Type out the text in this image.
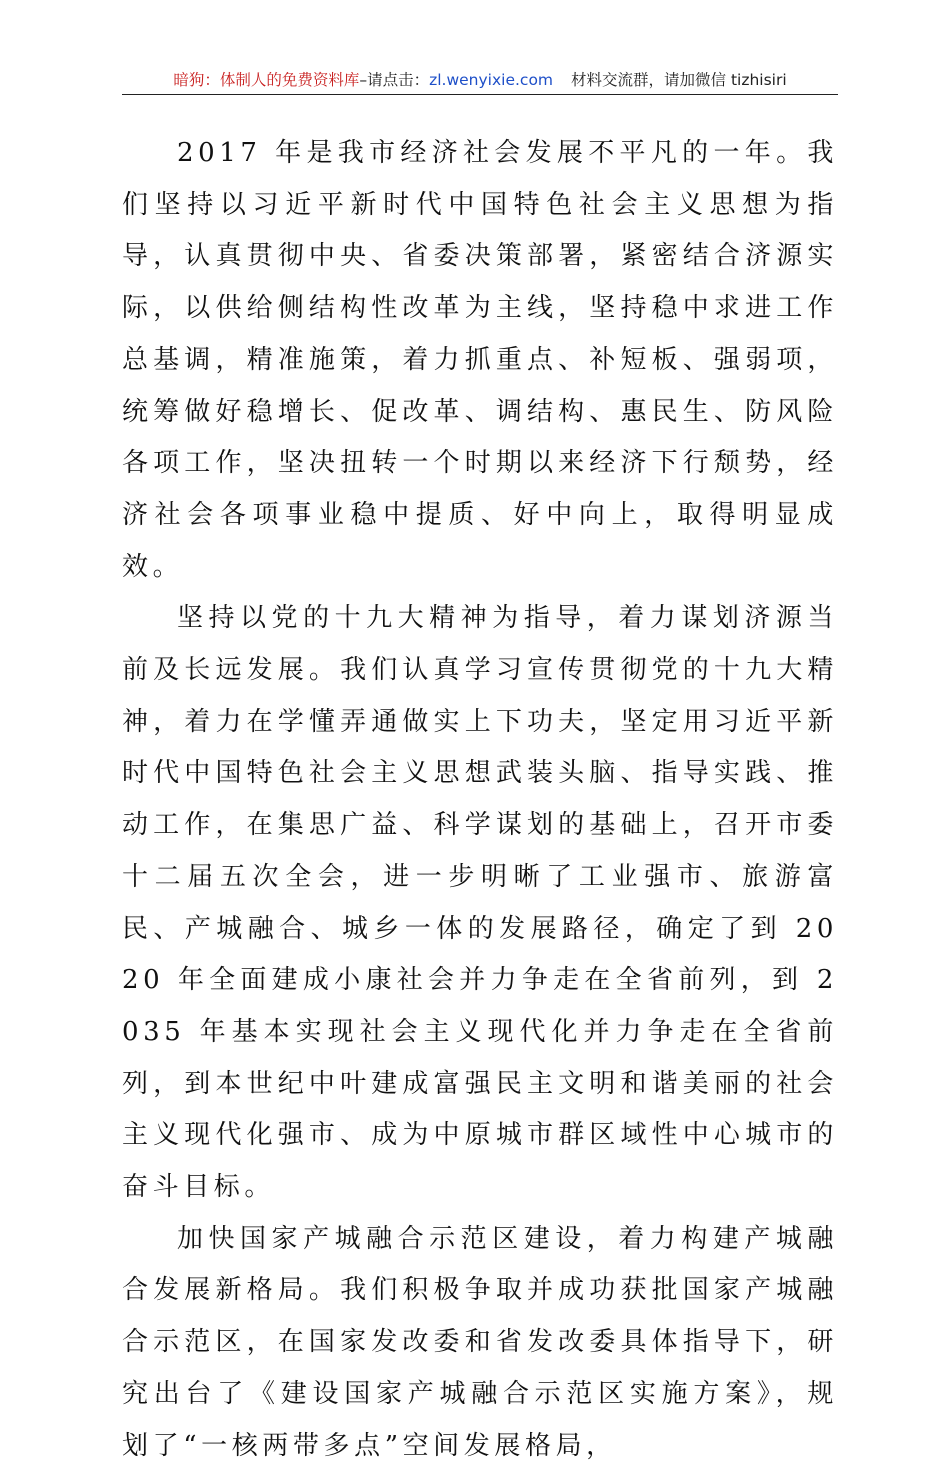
暗狗：体制人的免费资料库–请点击：zl.wenyixie.com 材料交流群，请加微信 tizhisiri

2017 年是我市经济社会发展不平凡的一年。我们坚持以习近平新时代中国特色社会主义思想为指导，认真贯彻中央、省委决策部署，紧密结合济源实际，以供给侧结构性改革为主线，坚持稳中求进工作总基调，精准施策，着力抓重点、补短板、强弱项，统筹做好稳增长、促改革、调结构、惠民生、防风险各项工作，坚决扭转一个时期以来经济下行颓势，经济社会各项事业稳中提质、好中向上，取得明显成效。

坚持以党的十九大精神为指导，着力谋划济源当前及长远发展。我们认真学习宣传贯彻党的十九大精神，着力在学懂弄通做实上下功夫，坚定用习近平新时代中国特色社会主义思想武装头脑、指导实践、推动工作，在集思广益、科学谋划的基础上，召开市委十二届五次全会，进一步明晰了工业强市、旅游富民、产城融合、城乡一体的发展路径，确定了到 2020 年全面建成小康社会并力争走在全省前列，到 2035 年基本实现社会主义现代化并力争走在全省前列，到本世纪中叶建成富强民主文明和谐美丽的社会主义现代化强市、成为中原城市群区域性中心城市的奋斗目标。

加快国家产城融合示范区建设，着力构建产城融合发展新格局。我们积极争取并成功获批国家产城融合示范区，在国家发改委和省发改委具体指导下，研究出台了《建设国家产城融合示范区实施方案》，规划了“一核两带多点”空间发展格局，
